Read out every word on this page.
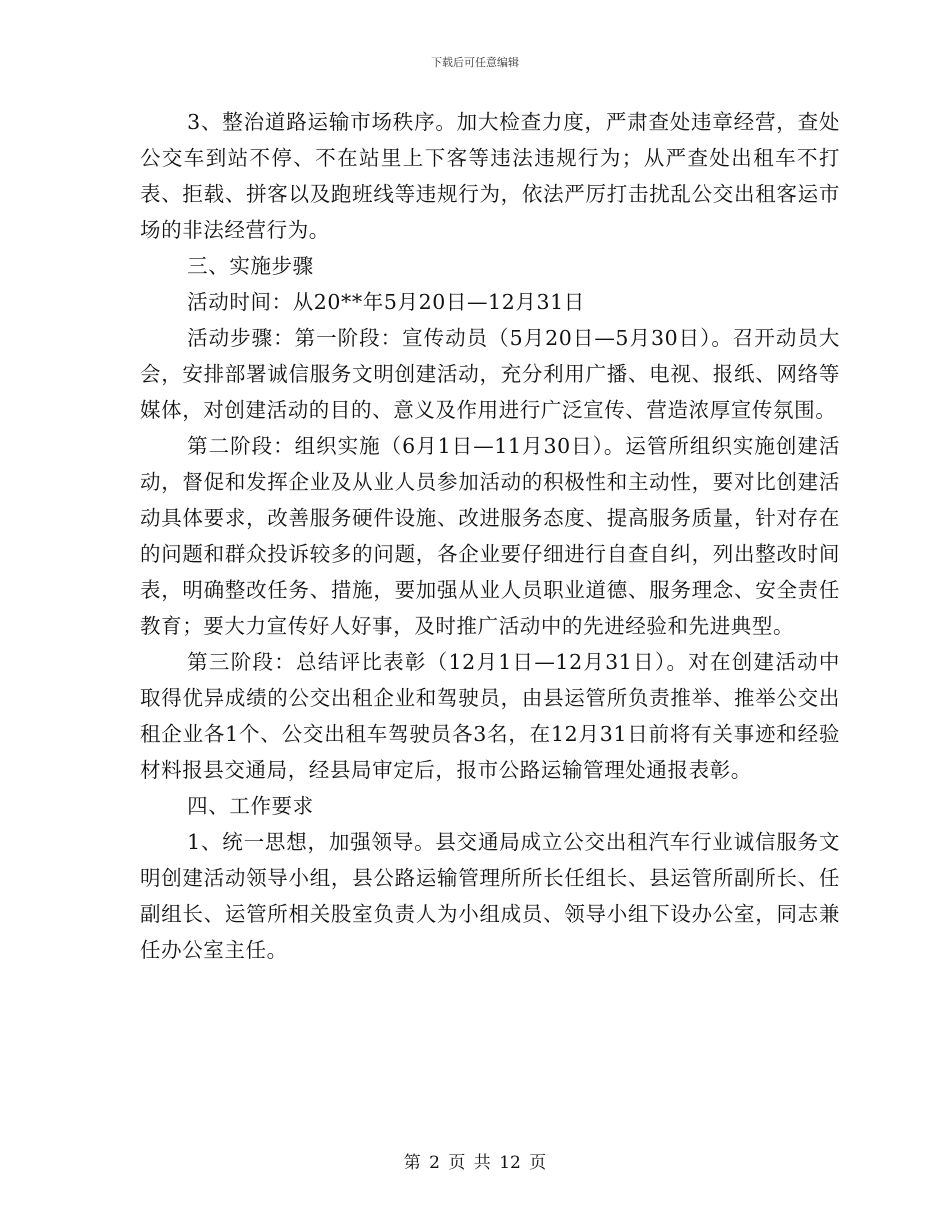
下载后可任意编辑

3、整治道路运输市场秩序。加大检查力度，严肃查处违章经营，查处公交车到站不停、不在站里上下客等违法违规行为；从严查处出租车不打表、拒载、拼客以及跑班线等违规行为，依法严厉打击扰乱公交出租客运市场的非法经营行为。

三、实施步骤

活动时间：从20**年5月20日—12月31日

活动步骤：第一阶段：宣传动员（5月20日—5月30日）。召开动员大会，安排部署诚信服务文明创建活动，充分利用广播、电视、报纸、网络等媒体，对创建活动的目的、意义及作用进行广泛宣传、营造浓厚宣传氛围。

第二阶段：组织实施（6月1日—11月30日）。运管所组织实施创建活动，督促和发挥企业及从业人员参加活动的积极性和主动性，要对比创建活动具体要求，改善服务硬件设施、改进服务态度、提高服务质量，针对存在的问题和群众投诉较多的问题，各企业要仔细进行自查自纠，列出整改时间表，明确整改任务、措施，要加强从业人员职业道德、服务理念、安全责任教育；要大力宣传好人好事，及时推广活动中的先进经验和先进典型。

第三阶段：总结评比表彰（12月1日—12月31日）。对在创建活动中取得优异成绩的公交出租企业和驾驶员，由县运管所负责推举、推举公交出租企业各1个、公交出租车驾驶员各3名，在12月31日前将有关事迹和经验材料报县交通局，经县局审定后，报市公路运输管理处通报表彰。

四、工作要求

1、统一思想，加强领导。县交通局成立公交出租汽车行业诚信服务文明创建活动领导小组，县公路运输管理所所长任组长、县运管所副所长、任副组长、运管所相关股室负责人为小组成员、领导小组下设办公室，同志兼任办公室主任。

第 2 页 共 12 页
